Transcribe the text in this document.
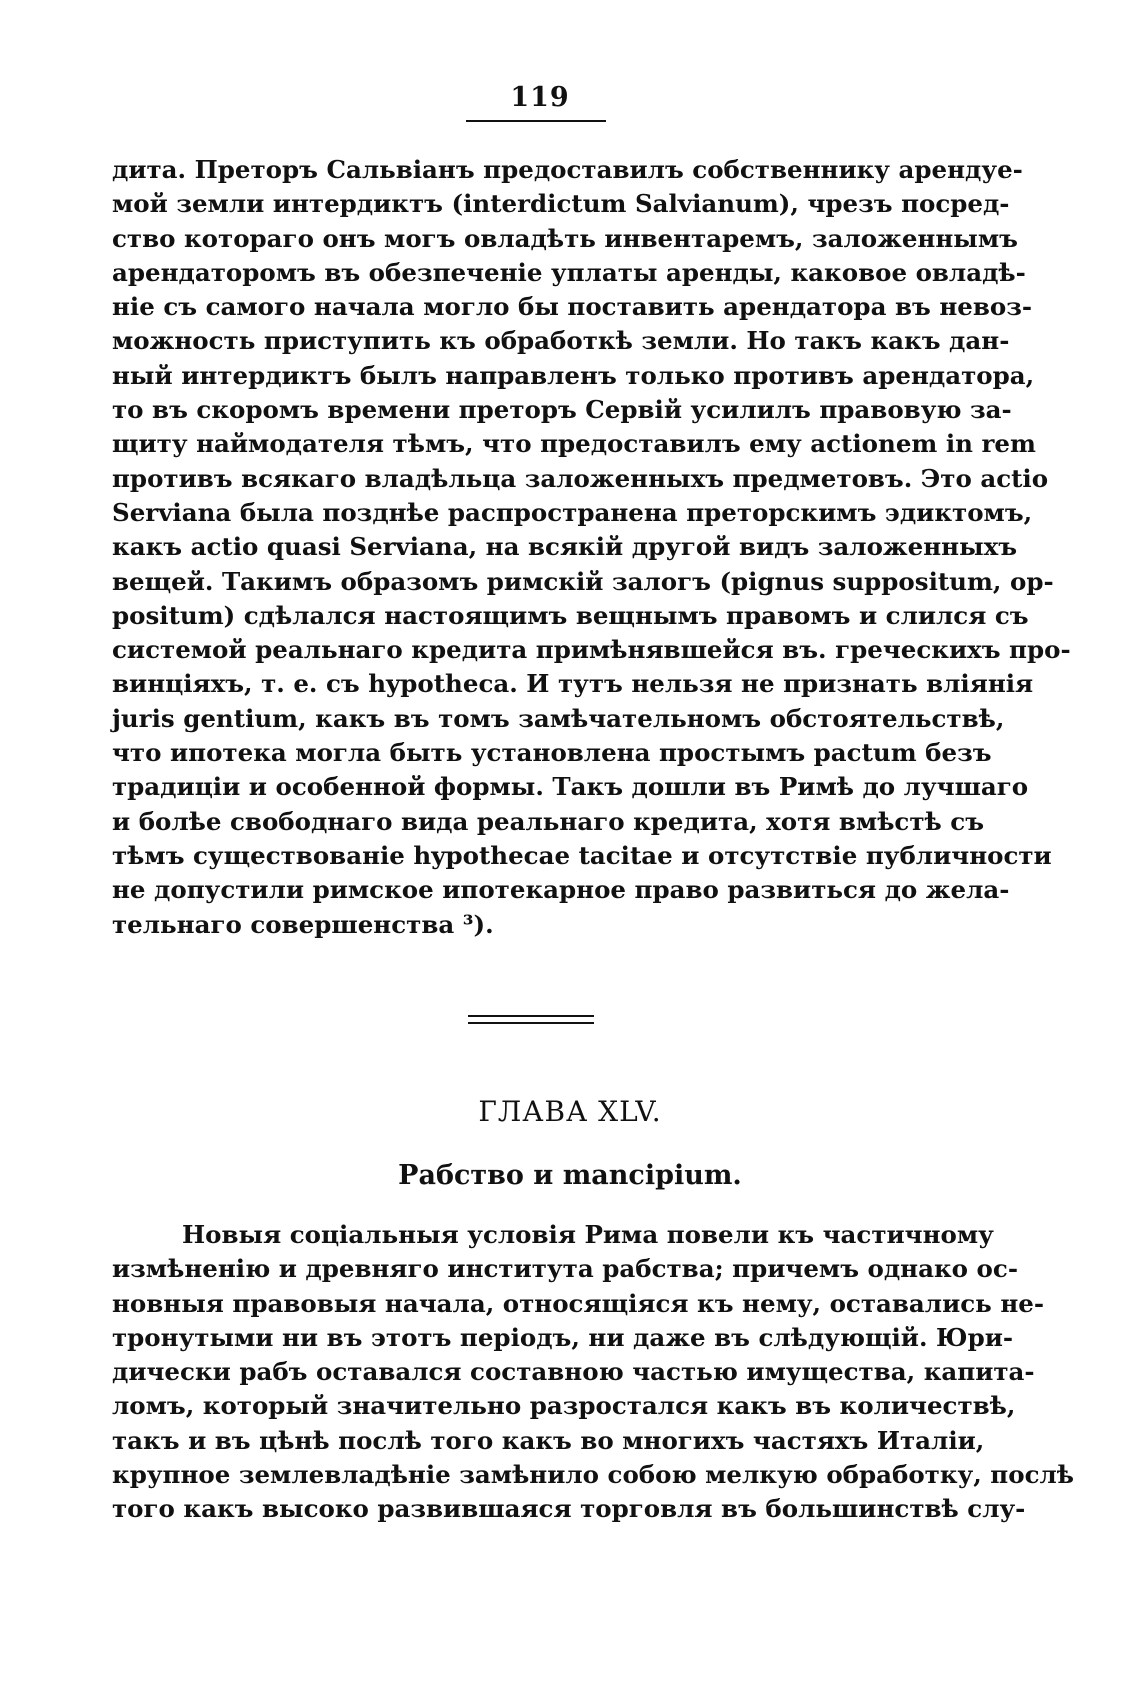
119
дита. Преторъ Сальвіанъ предоставилъ собственнику арендуе-
мой земли интердиктъ (interdictum Salvianum), чрезъ посред-
ство котораго онъ могъ овладѣть инвентаремъ, заложеннымъ
арендаторомъ въ обезпеченіе уплаты аренды, каковое овладѣ-
ніе съ самого начала могло бы поставить арендатора въ невоз-
можность приступить къ обработкѣ земли. Но такъ какъ дан-
ный интердиктъ былъ направленъ только противъ арендатора,
то въ скоромъ времени преторъ Сервій усилилъ правовую за-
щиту наймодателя тѣмъ, что предоставилъ ему actionem in rem
противъ всякаго владѣльца заложенныхъ предметовъ. Это actio
Serviana была позднѣе распространена преторскимъ эдиктомъ,
какъ actio quasi Serviana, на всякій другой видъ заложенныхъ
вещей. Такимъ образомъ римскій залогъ (pignus suppositum, op-
positum) сдѣлался настоящимъ вещнымъ правомъ и слился съ
системой реальнаго кредита примѣнявшейся въ. греческихъ про-
винціяхъ, т. е. съ hypotheca. И тутъ нельзя не признать вліянія
juris gentium, какъ въ томъ замѣчательномъ обстоятельствѣ,
что ипотека могла быть установлена простымъ pactum безъ
традиціи и особенной формы. Такъ дошли въ Римѣ до лучшаго
и болѣе свободнаго вида реальнаго кредита, хотя вмѣстѣ съ
тѣмъ существованіе hypothecae tacitae и отсутствіе публичности
не допустили римское ипотекарное право развиться до жела-
тельнаго совершенства ³).
ГЛАВА XLV.
Рабство и mancipium.
Новыя соціальныя условія Рима повели къ частичному
измѣненію и древняго института рабства; причемъ однако ос-
новныя правовыя начала, относящіяся къ нему, оставались не-
тронутыми ни въ этотъ періодъ, ни даже въ слѣдующій. Юри-
дически рабъ оставался составною частью имущества, капита-
ломъ, который значительно разростался какъ въ количествѣ,
такъ и въ цѣнѣ послѣ того какъ во многихъ частяхъ Италіи,
крупное землевладѣніе замѣнило собою мелкую обработку, послѣ
того какъ высоко развившаяся торговля въ большинствѣ слу-
